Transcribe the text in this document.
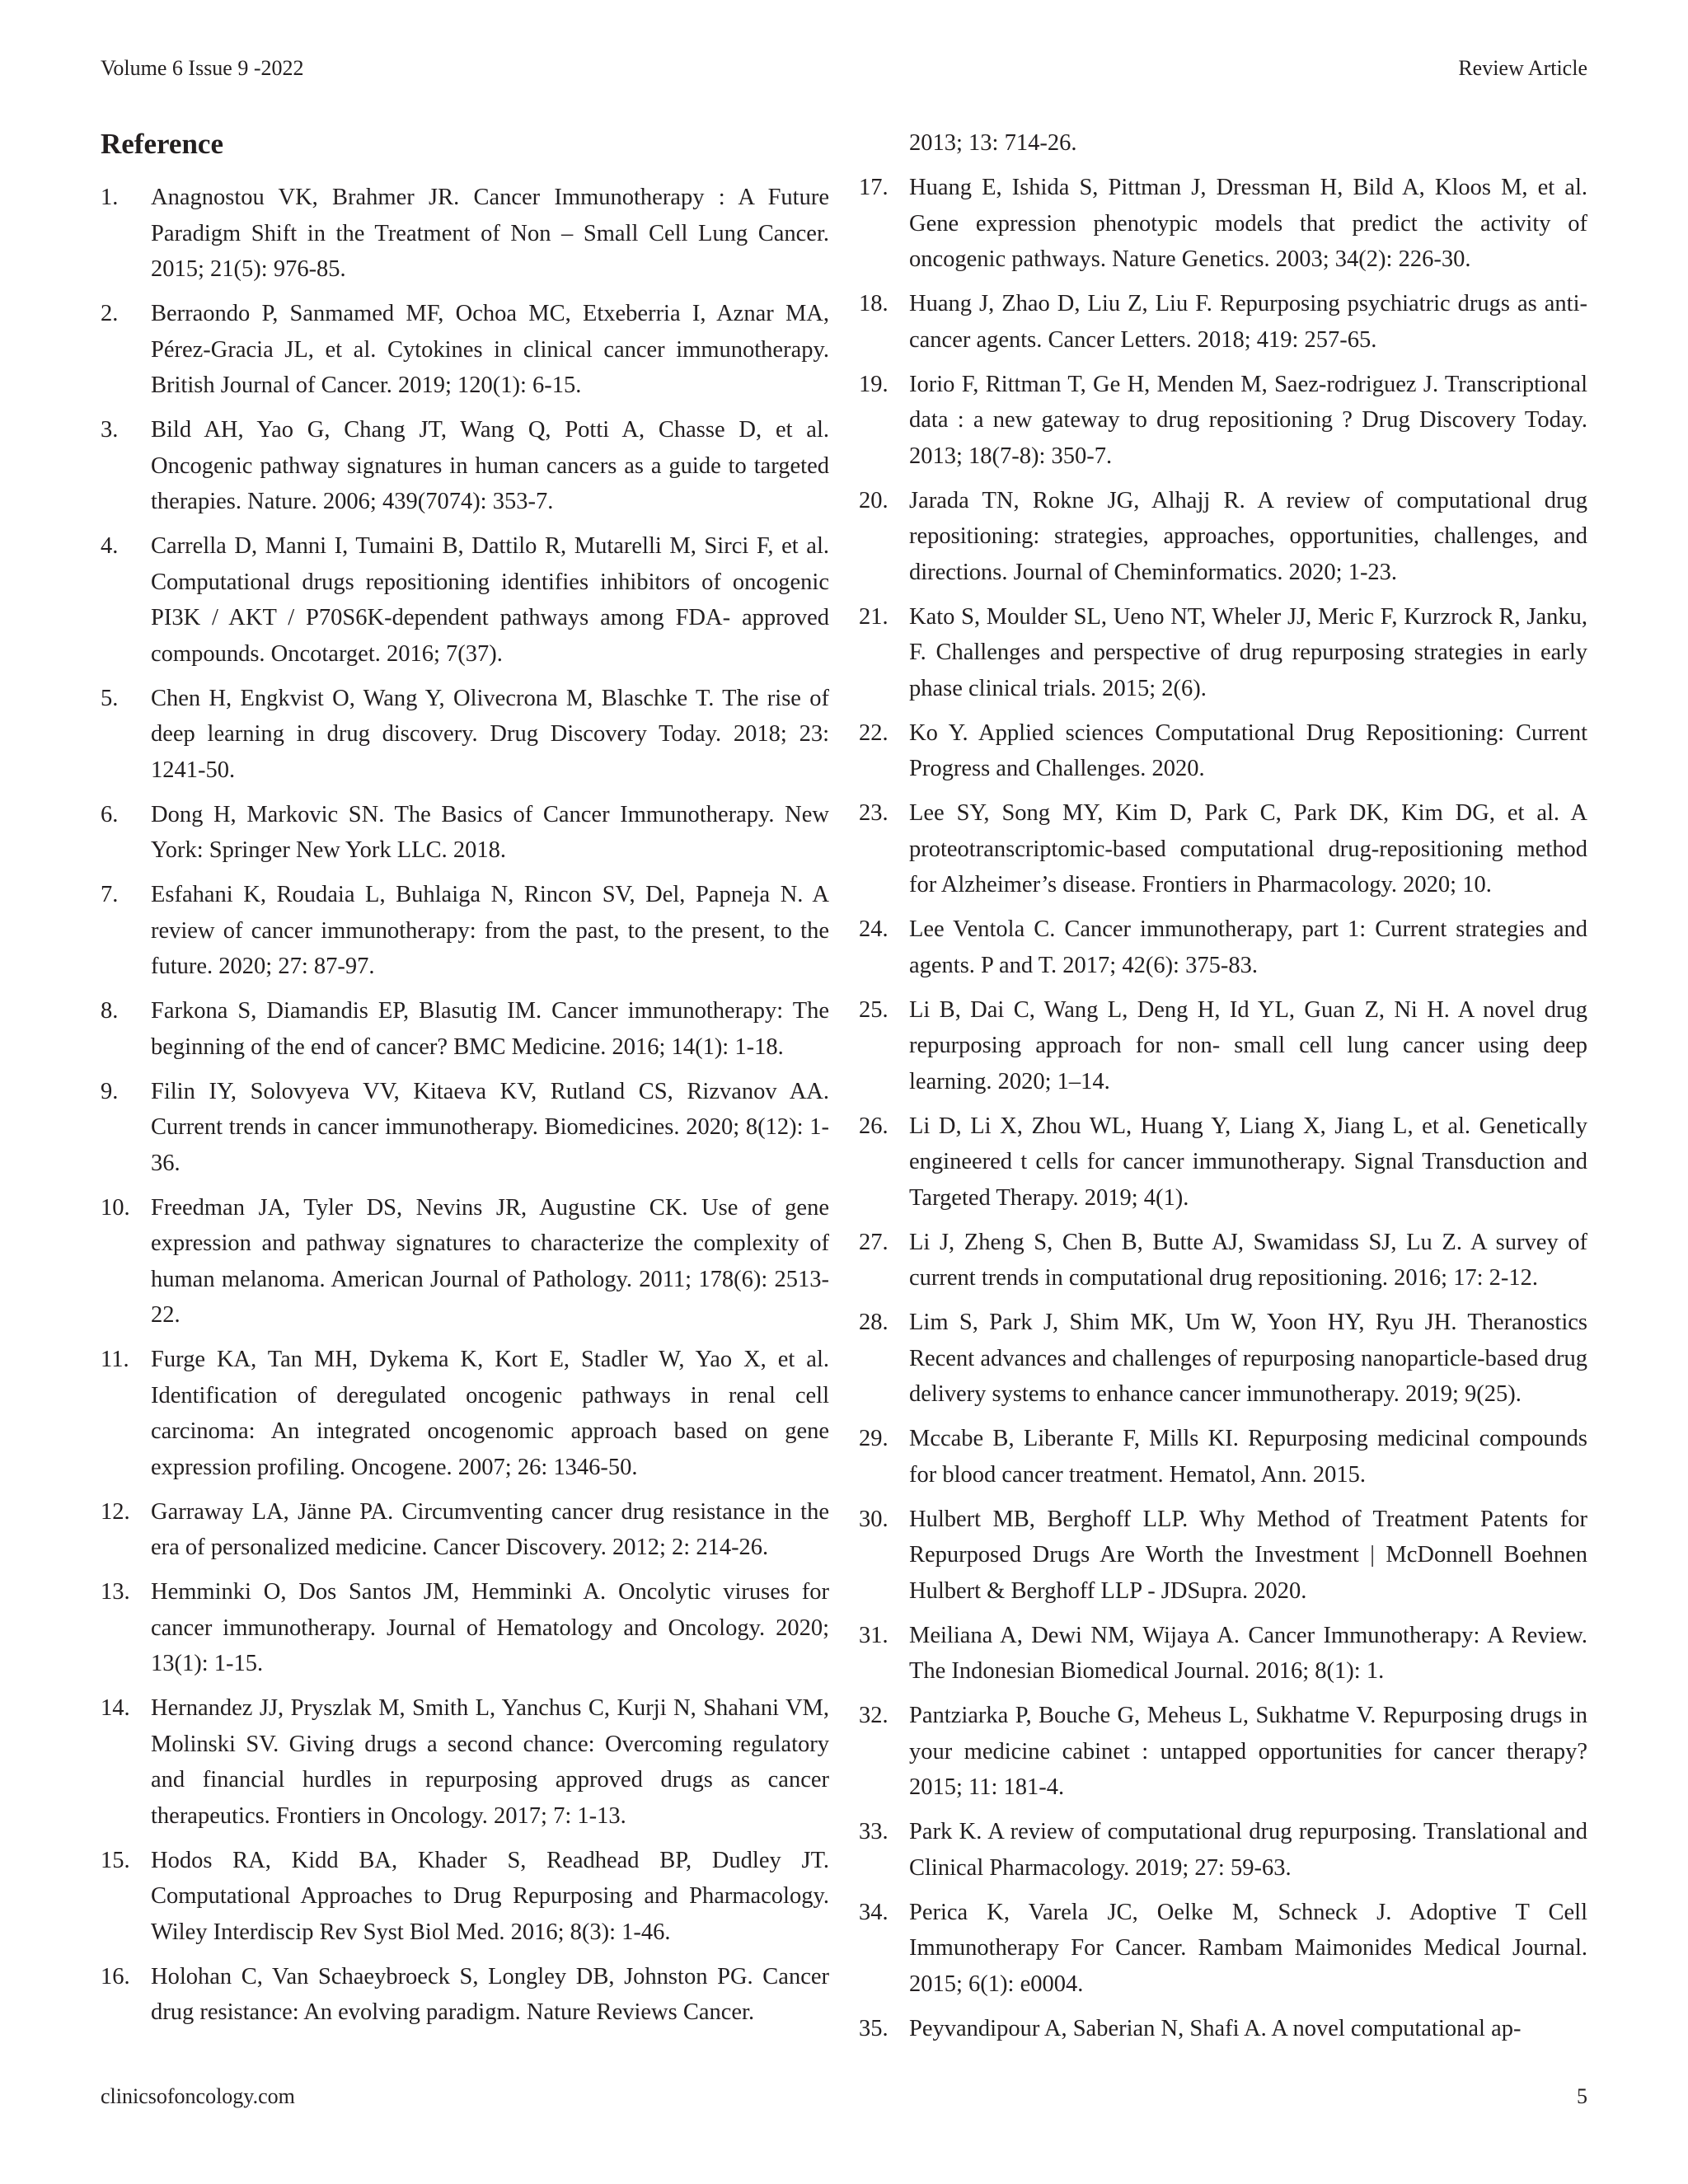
Volume 6 Issue 9 -2022	Review Article
Reference
1.	Anagnostou VK, Brahmer JR. Cancer Immunotherapy : A Future Paradigm Shift in the Treatment of Non – Small Cell Lung Cancer. 2015; 21(5): 976-85.
2.	Berraondo P, Sanmamed MF, Ochoa MC, Etxeberria I, Aznar MA, Pérez-Gracia JL, et al. Cytokines in clinical cancer immunotherapy. British Journal of Cancer. 2019; 120(1): 6-15.
3.	Bild AH, Yao G, Chang JT, Wang Q, Potti A, Chasse D, et al. Oncogenic pathway signatures in human cancers as a guide to targeted therapies. Nature. 2006; 439(7074): 353-7.
4.	Carrella D, Manni I, Tumaini B, Dattilo R, Mutarelli M, Sirci F, et al. Computational drugs repositioning identifies inhibitors of oncogenic PI3K / AKT / P70S6K-dependent pathways among FDA- approved compounds. Oncotarget. 2016; 7(37).
5.	Chen H, Engkvist O, Wang Y, Olivecrona M, Blaschke T. The rise of deep learning in drug discovery. Drug Discovery Today. 2018; 23: 1241-50.
6.	Dong H, Markovic SN. The Basics of Cancer Immunotherapy. New York: Springer New York LLC. 2018.
7.	Esfahani K, Roudaia L, Buhlaiga N, Rincon SV, Del, Papneja N. A review of cancer immunotherapy: from the past, to the present, to the future. 2020; 27: 87-97.
8.	Farkona S, Diamandis EP, Blasutig IM. Cancer immunotherapy: The beginning of the end of cancer? BMC Medicine. 2016; 14(1): 1-18.
9.	Filin IY, Solovyeva VV, Kitaeva KV, Rutland CS, Rizvanov AA. Current trends in cancer immunotherapy. Biomedicines. 2020; 8(12): 1-36.
10. Freedman JA, Tyler DS, Nevins JR, Augustine CK. Use of gene expression and pathway signatures to characterize the complexity of human melanoma. American Journal of Pathology. 2011; 178(6): 2513-22.
11. Furge KA, Tan MH, Dykema K, Kort E, Stadler W, Yao X, et al. Identification of deregulated oncogenic pathways in renal cell carcinoma: An integrated oncogenomic approach based on gene expression profiling. Oncogene. 2007; 26: 1346-50.
12. Garraway LA, Jänne PA. Circumventing cancer drug resistance in the era of personalized medicine. Cancer Discovery. 2012; 2: 214-26.
13. Hemminki O, Dos Santos JM, Hemminki A. Oncolytic viruses for cancer immunotherapy. Journal of Hematology and Oncology. 2020; 13(1): 1-15.
14. Hernandez JJ, Pryszlak M, Smith L, Yanchus C, Kurji N, Shahani VM, Molinski SV. Giving drugs a second chance: Overcoming regulatory and financial hurdles in repurposing approved drugs as cancer therapeutics. Frontiers in Oncology. 2017; 7: 1-13.
15. Hodos RA, Kidd BA, Khader S, Readhead BP, Dudley JT. Computational Approaches to Drug Repurposing and Pharmacology. Wiley Interdiscip Rev Syst Biol Med. 2016; 8(3): 1-46.
16. Holohan C, Van Schaeybroeck S, Longley DB, Johnston PG. Cancer drug resistance: An evolving paradigm. Nature Reviews Cancer.
2013; 13: 714-26.
17. Huang E, Ishida S, Pittman J, Dressman H, Bild A, Kloos M, et al. Gene expression phenotypic models that predict the activity of oncogenic pathways. Nature Genetics. 2003; 34(2): 226-30.
18. Huang J, Zhao D, Liu Z, Liu F. Repurposing psychiatric drugs as anti-cancer agents. Cancer Letters. 2018; 419: 257-65.
19. Iorio F, Rittman T, Ge H, Menden M, Saez-rodriguez J. Transcriptional data : a new gateway to drug repositioning ? Drug Discovery Today. 2013; 18(7-8): 350-7.
20. Jarada TN, Rokne JG, Alhajj R. A review of computational drug repositioning: strategies, approaches, opportunities, challenges, and directions. Journal of Cheminformatics. 2020; 1-23.
21. Kato S, Moulder SL, Ueno NT, Wheler JJ, Meric F, Kurzrock R, Janku, F. Challenges and perspective of drug repurposing strategies in early phase clinical trials. 2015; 2(6).
22. Ko Y. Applied sciences Computational Drug Repositioning: Current Progress and Challenges. 2020.
23. Lee SY, Song MY, Kim D, Park C, Park DK, Kim DG, et al. A proteotranscriptomic-based computational drug-repositioning method for Alzheimer’s disease. Frontiers in Pharmacology. 2020; 10.
24. Lee Ventola C. Cancer immunotherapy, part 1: Current strategies and agents. P and T. 2017; 42(6): 375-83.
25. Li B, Dai C, Wang L, Deng H, Id YL, Guan Z, Ni H. A novel drug repurposing approach for non- small cell lung cancer using deep learning. 2020; 1–14.
26. Li D, Li X, Zhou WL, Huang Y, Liang X, Jiang L, et al. Genetically engineered t cells for cancer immunotherapy. Signal Transduction and Targeted Therapy. 2019; 4(1).
27. Li J, Zheng S, Chen B, Butte AJ, Swamidass SJ, Lu Z. A survey of current trends in computational drug repositioning. 2016; 17: 2-12.
28. Lim S, Park J, Shim MK, Um W, Yoon HY, Ryu JH. Theranostics Recent advances and challenges of repurposing nanoparticle-based drug delivery systems to enhance cancer immunotherapy. 2019; 9(25).
29. Mccabe B, Liberante F, Mills KI. Repurposing medicinal compounds for blood cancer treatment. Hematol, Ann. 2015.
30. Hulbert MB, Berghoff LLP. Why Method of Treatment Patents for Repurposed Drugs Are Worth the Investment | McDonnell Boehnen Hulbert & Berghoff LLP - JDSupra. 2020.
31. Meiliana A, Dewi NM, Wijaya A. Cancer Immunotherapy: A Review. The Indonesian Biomedical Journal. 2016; 8(1): 1.
32. Pantziarka P, Bouche G, Meheus L, Sukhatme V. Repurposing drugs in your medicine cabinet : untapped opportunities for cancer therapy? 2015; 11: 181-4.
33. Park K. A review of computational drug repurposing. Translational and Clinical Pharmacology. 2019; 27: 59-63.
34. Perica K, Varela JC, Oelke M, Schneck J. Adoptive T Cell Immunotherapy For Cancer. Rambam Maimonides Medical Journal. 2015; 6(1): e0004.
35. Peyvandipour A, Saberian N, Shafi A. A novel computational ap-
clinicsofoncology.com	5
